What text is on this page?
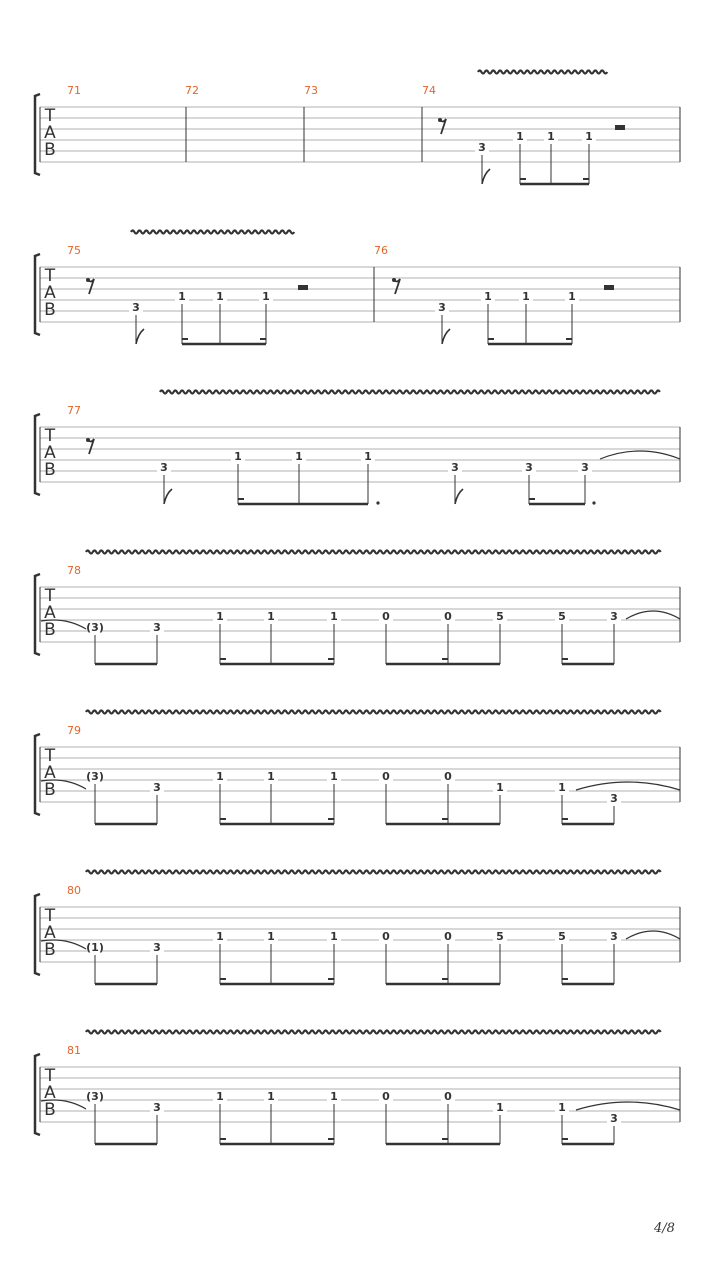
T
A
B
71	72	73	74
3
1 1	1
T
A
B
75	76
3
1	1	1
3
1	1	1
T
A
B
77
3
1	1	1
3	3	3
T
A
B
78
(3)	3
1	1	1	0	0	5	5	3
T
A
B
79
(3)
3
1	1	1	0	0
1	1
3
T
A
B
80
(1)	3
1	1	1	0	0	5	5	3
T
A
B
81
(3)
3
1	1	1	0	0
1	1
3
4/8
